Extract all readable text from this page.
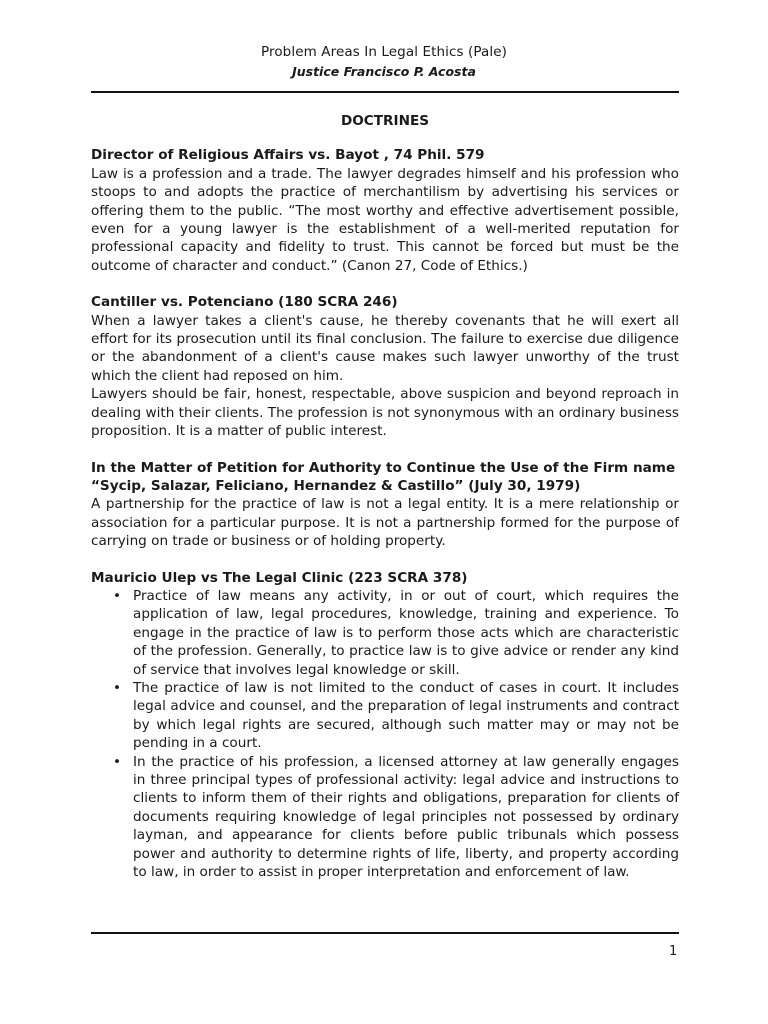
Problem Areas In Legal Ethics (Pale)
Justice Francisco P. Acosta
DOCTRINES

Director of Religious Affairs vs. Bayot , 74 Phil. 579

Law is a profession and a trade. The lawyer degrades himself and his profession who stoops to and adopts the practice of merchantilism by advertising his services or offering them to the public. “The most worthy and effective advertisement possible, even for a young lawyer is the establishment of a well-merited reputation for professional capacity and fidelity to trust. This cannot be forced but must be the outcome of character and conduct.” (Canon 27, Code of Ethics.)

Cantiller vs. Potenciano (180 SCRA 246)

When a lawyer takes a client's cause, he thereby covenants that he will exert all effort for its prosecution until its final conclusion. The failure to exercise due diligence or the abandonment of a client's cause makes such lawyer unworthy of the trust which the client had reposed on him.

Lawyers should be fair, honest, respectable, above suspicion and beyond reproach in dealing with their clients. The profession is not synonymous with an ordinary business proposition. It is a matter of public interest.

In the Matter of Petition for Authority to Continue the Use of the Firm name “Sycip, Salazar, Feliciano, Hernandez & Castillo” (July 30, 1979)

A partnership for the practice of law is not a legal entity. It is a mere relationship or association for a particular purpose. It is not a partnership formed for the purpose of carrying on trade or business or of holding property.

Mauricio Ulep vs The Legal Clinic (223 SCRA 378)

• Practice of law means any activity, in or out of court, which requires the application of law, legal procedures, knowledge, training and experience. To engage in the practice of law is to perform those acts which are characteristic of the profession. Generally, to practice law is to give advice or render any kind of service that involves legal knowledge or skill.
• The practice of law is not limited to the conduct of cases in court. It includes legal advice and counsel, and the preparation of legal instruments and contract by which legal rights are secured, although such matter may or may not be pending in a court.
• In the practice of his profession, a licensed attorney at law generally engages in three principal types of professional activity: legal advice and instructions to clients to inform them of their rights and obligations, preparation for clients of documents requiring knowledge of legal principles not possessed by ordinary layman, and appearance for clients before public tribunals which possess power and authority to determine rights of life, liberty, and property according to law, in order to assist in proper interpretation and enforcement of law.
1
